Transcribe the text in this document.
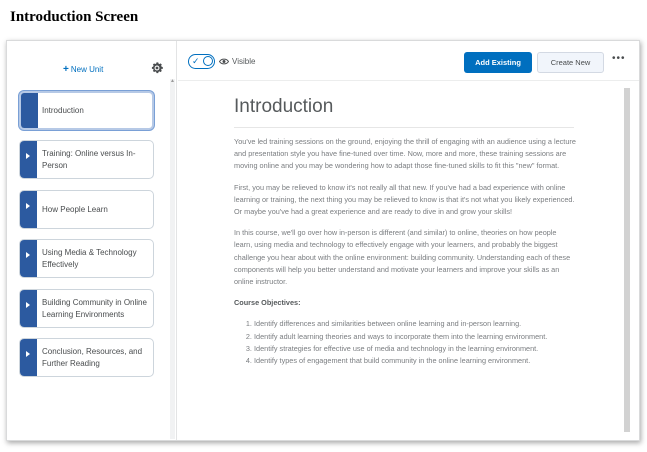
Introduction Screen
+ New Unit
Introduction
Training: Online versus In-Person
How People Learn
Using Media & Technology Effectively
Building Community in Online Learning Environments
Conclusion, Resources, and Further Reading
▲
✓	Visible	Add Existing	Create New	•••
Introduction

You've led training sessions on the ground, enjoying the thrill of engaging with an audience using a lecture and presentation style you have fine-tuned over time. Now, more and more, these training sessions are moving online and you may be wondering how to adapt those fine-tuned skills to fit this "new" format.

First, you may be relieved to know it's not really all that new. If you've had a bad experience with online learning or training, the next thing you may be relieved to know is that it's not what you likely experienced. Or maybe you've had a great experience and are ready to dive in and grow your skills!

In this course, we'll go over how in-person is different (and similar) to online, theories on how people learn, using media and technology to effectively engage with your learners, and probably the biggest challenge you hear about with the online environment: building community. Understanding each of these components will help you better understand and motivate your learners and improve your skills as an online instructor.

Course Objectives:
1. Identify differences and similarities between online learning and in-person learning.
2. Identify adult learning theories and ways to incorporate them into the learning environment.
3. Identify strategies for effective use of media and technology in the learning environment.
4. Identify types of engagement that build community in the online learning environment.
